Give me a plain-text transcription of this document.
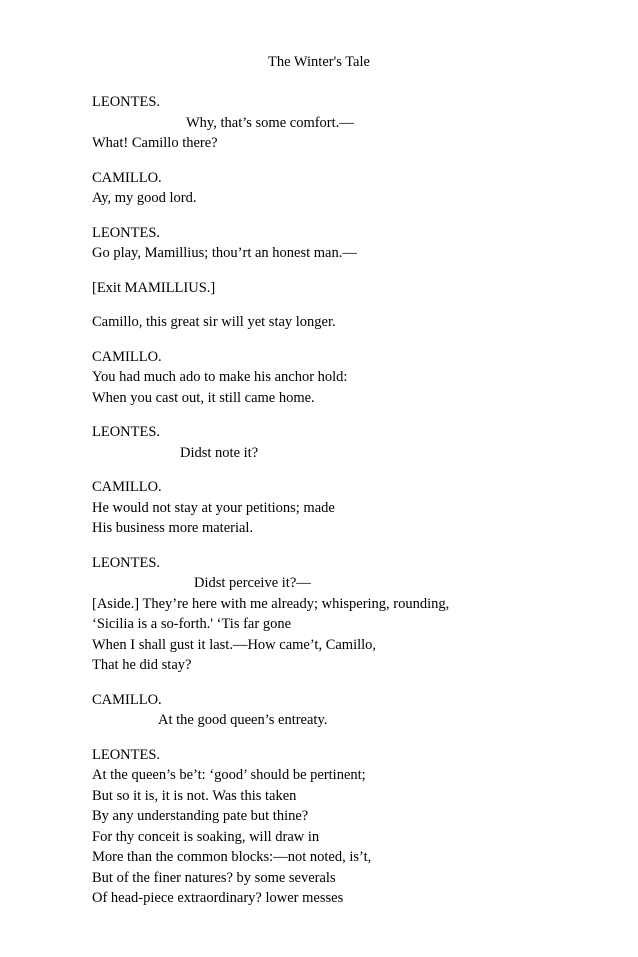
The Winter's Tale
LEONTES.
Why, that’s some comfort.—
What! Camillo there?
CAMILLO.
Ay, my good lord.
LEONTES.
Go play, Mamillius; thou’rt an honest man.—
[Exit MAMILLIUS.]
Camillo, this great sir will yet stay longer.
CAMILLO.
You had much ado to make his anchor hold:
When you cast out, it still came home.
LEONTES.
Didst note it?
CAMILLO.
He would not stay at your petitions; made
His business more material.
LEONTES.
Didst perceive it?—
[Aside.] They’re here with me already; whispering, rounding,
‘Sicilia is a so-forth.' ‘Tis far gone
When I shall gust it last.—How came’t, Camillo,
That he did stay?
CAMILLO.
At the good queen’s entreaty.
LEONTES.
At the queen’s be’t: ‘good’ should be pertinent;
But so it is, it is not. Was this taken
By any understanding pate but thine?
For thy conceit is soaking, will draw in
More than the common blocks:—not noted, is’t,
But of the finer natures? by some severals
Of head-piece extraordinary? lower messes
